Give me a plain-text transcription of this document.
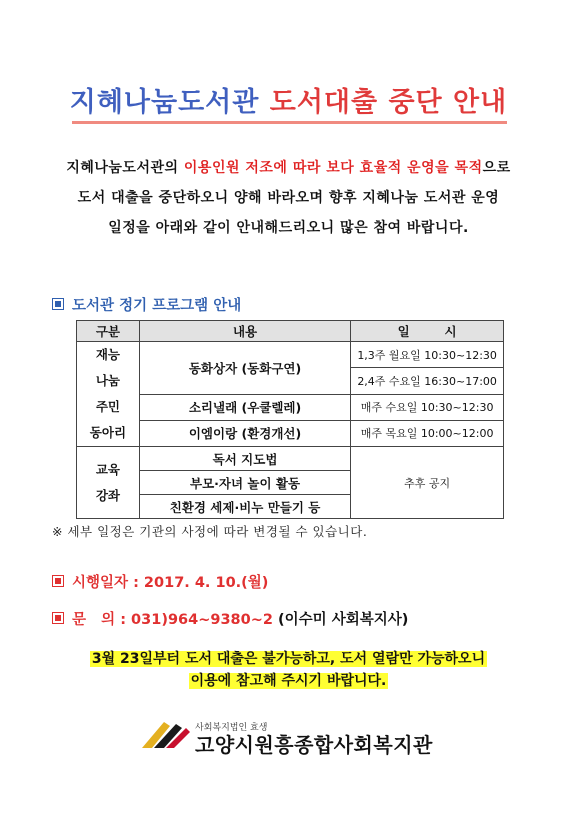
지혜나눔도서관 도서대출 중단 안내
지혜나눔도서관의 이용인원 저조에 따라 보다 효율적 운영을 목적으로
도서 대출을 중단하오니 양해 바라오며 향후 지혜나눔 도서관 운영
일정을 아래와 같이 안내해드리오니 많은 참여 바랍니다.
도서관 정기 프로그램 안내
구분	내용	일        시

재능
나눔
주민
동아리	동화상자 (동화구연)	1,3주 월요일 10:30~12:30
		2,4주 수요일 16:30~17:00
	소리낼래 (우쿨렐레)	매주 수요일 10:30~12:30
	이엠이랑 (환경개선)	매주 목요일 10:00~12:00

교육
강좌	독서 지도법	추후 공지
	부모·자녀 놀이 활동	
	친환경 세제·비누 만들기 등	
※ 세부 일정은 기관의 사정에 따라 변경될 수 있습니다.
시행일자 : 2017. 4. 10.(월)
문   의 : 031)964~9380~2 (이수미 사회복지사)
3월 23일부터 도서 대출은 불가능하고, 도서 열람만 가능하오니
이용에 참고해 주시기 바랍니다.
사회복지법인 효생
고양시원흥종합사회복지관
